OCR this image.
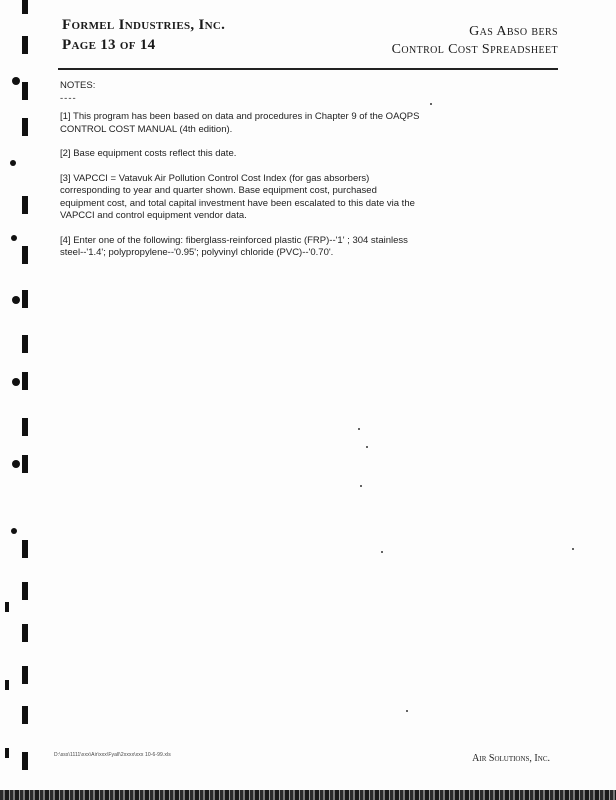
Formel Industries, Inc.
Page 13 of 14
Gas Abso bers
Control Cost Spreadsheet
NOTES:
----

[1] This program has been based on data and procedures in Chapter 9 of the OAQPS CONTROL COST MANUAL (4th edition).

[2] Base equipment costs reflect this date.

[3] VAPCCI = Vatavuk Air Pollution Control Cost Index (for gas absorbers) corresponding to year and quarter shown. Base equipment cost, purchased equipment cost, and total capital investment have been escalated to this date via the VAPCCI and control equipment vendor data.

[4] Enter one of the following: fiberglass-reinforced plastic (FRP)--'1' ; 304 stainless steel--'1.4'; polypropylene--'0.95'; polyvinyl chloride (PVC)--'0.70'.

D:\sss\1111\xxx\Air\xxx\Fyall\2xxxx\xxx 10-6-99.xls	Air Solutions, Inc.
